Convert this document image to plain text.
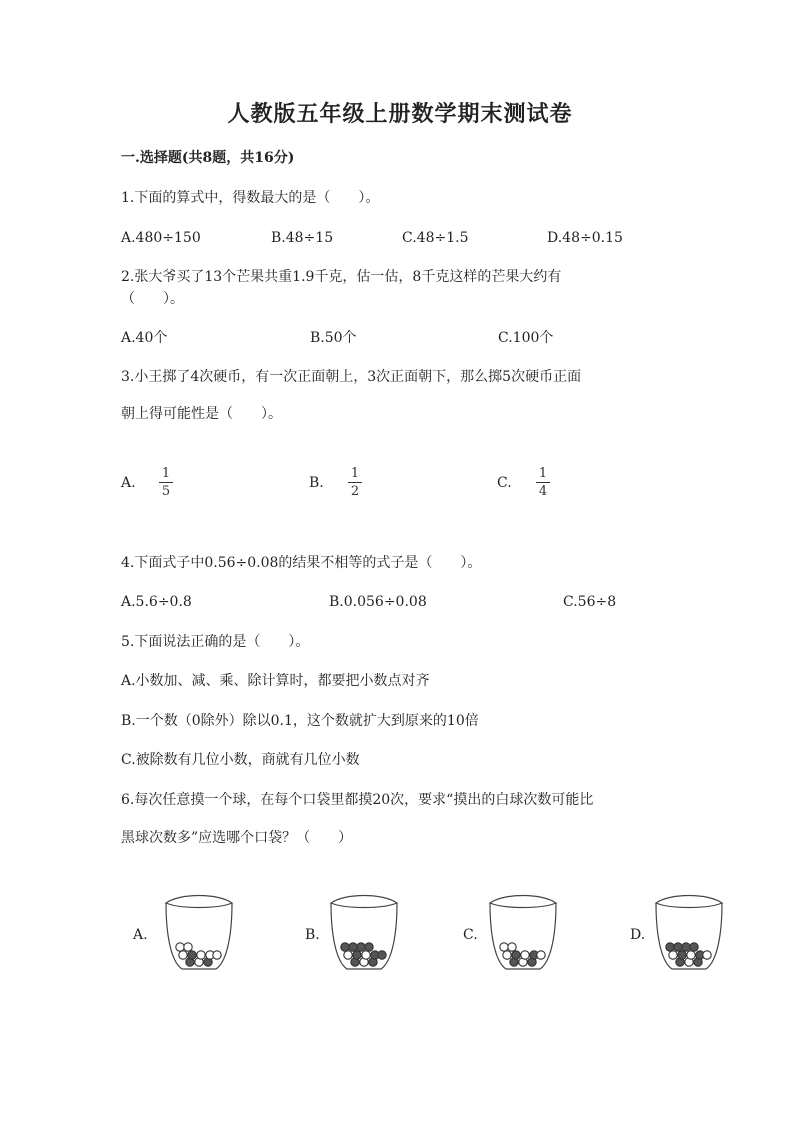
人教版五年级上册数学期末测试卷
一.选择题(共8题，共16分)
1.下面的算式中，得数最大的是（　　）。
A.480÷150	B.48÷15	C.48÷1.5	D.48÷0.15
2.张大爷买了13个芒果共重1.9千克，估一估，8千克这样的芒果大约有
（　　）。
A.40个	B.50个	C.100个
3.小王掷了4次硬币，有一次正面朝上，3次正面朝下，那么掷5次硬币正面
朝上得可能性是（　　）。
A.
1
5
B.
1
2
C.
1
4
4.下面式子中0.56÷0.08的结果不相等的式子是（　　）。
A.5.6÷0.8	B.0.056÷0.08	C.56÷8
5.下面说法正确的是（　　）。
A.小数加、减、乘、除计算时，都要把小数点对齐
B.一个数（0除外）除以0.1，这个数就扩大到原来的10倍
C.被除数有几位小数，商就有几位小数
6.每次任意摸一个球，在每个口袋里都摸20次，要求“摸出的白球次数可能比
黑球次数多”应选哪个口袋？（　　）
A.	B.	C.	D.
